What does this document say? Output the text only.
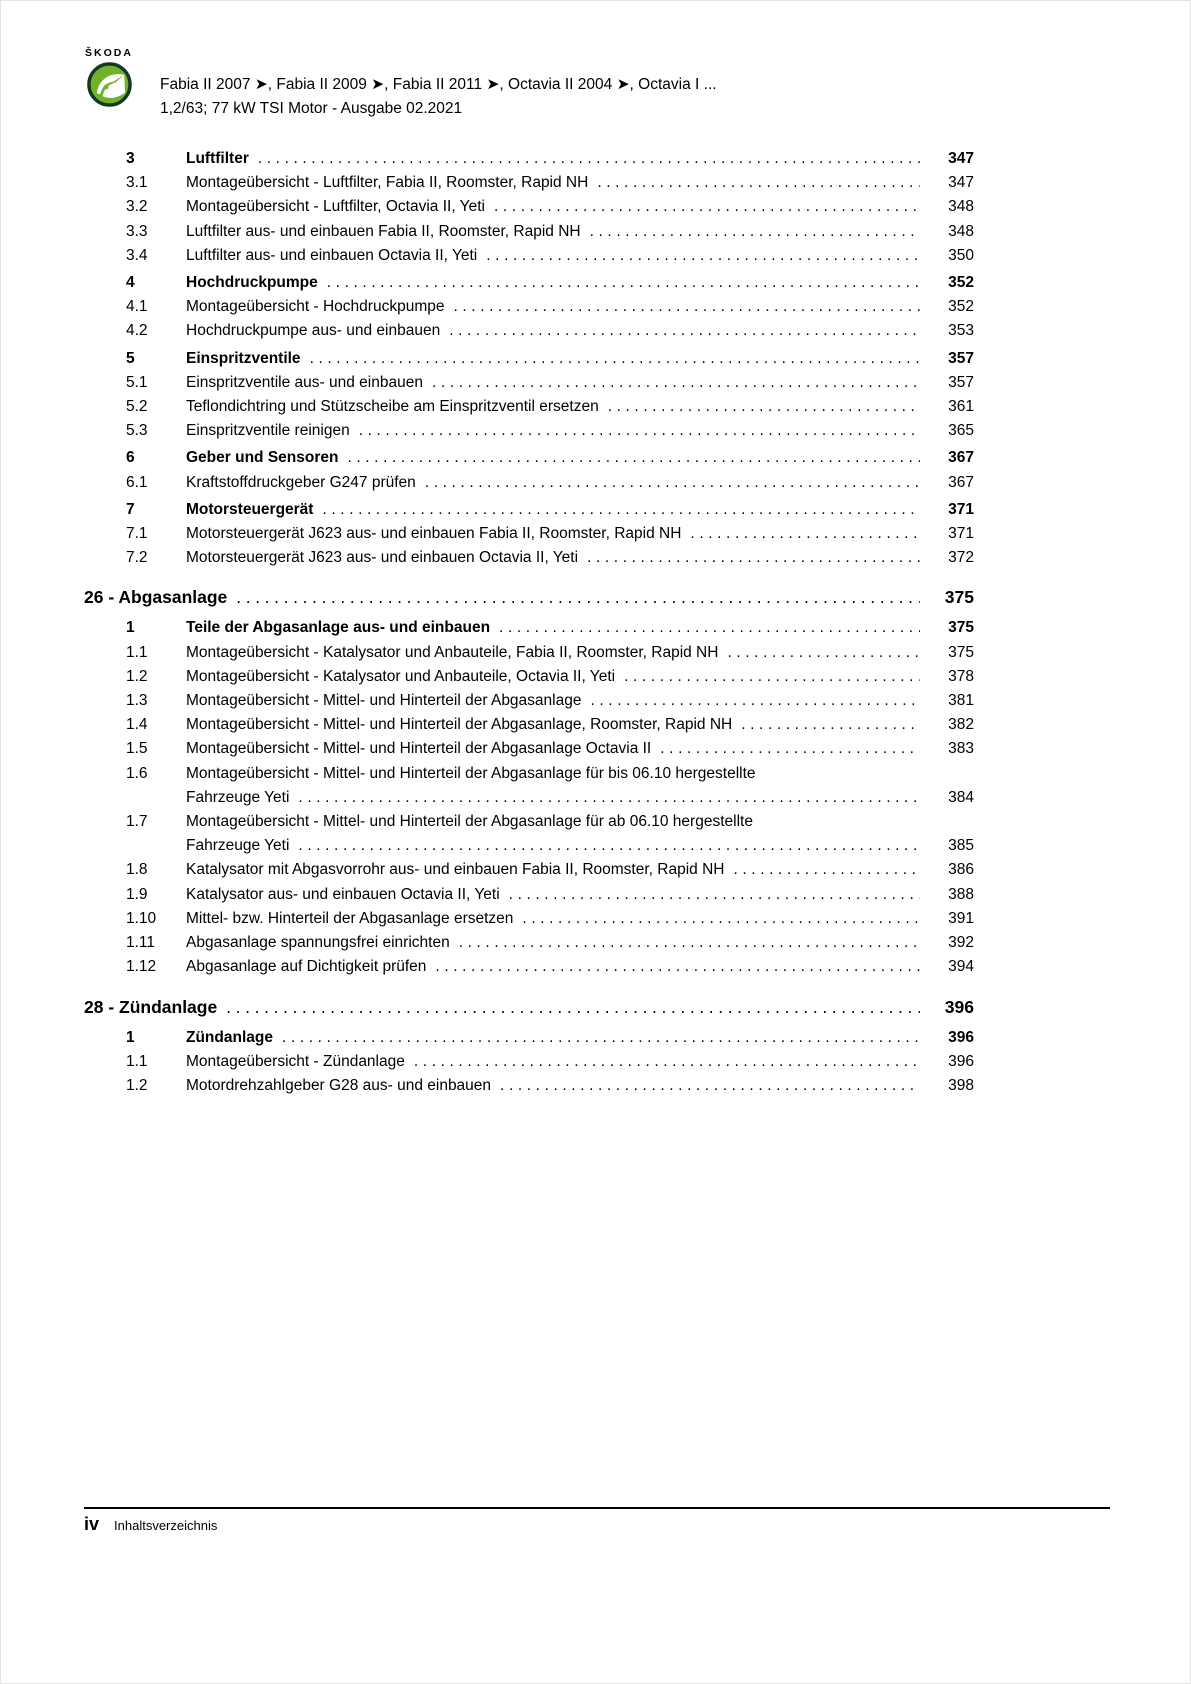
ŠKODA
Fabia II 2007 ➤, Fabia II 2009 ➤, Fabia II 2011 ➤, Octavia II 2004 ➤, Octavia I ...
1,2/63; 77 kW TSI Motor - Ausgabe 02.2021
3	Luftfilter .....	347
3.1	Montageübersicht - Luftfilter, Fabia II, Roomster, Rapid NH .....	347
3.2	Montageübersicht - Luftfilter, Octavia II, Yeti .....	348
3.3	Luftfilter aus- und einbauen Fabia II, Roomster, Rapid NH .....	348
3.4	Luftfilter aus- und einbauen Octavia II, Yeti .....	350
4	Hochdruckpumpe .....	352
4.1	Montageübersicht - Hochdruckpumpe .....	352
4.2	Hochdruckpumpe aus- und einbauen .....	353
5	Einspritzventile .....	357
5.1	Einspritzventile aus- und einbauen .....	357
5.2	Teflondichtring und Stützscheibe am Einspritzventil ersetzen .....	361
5.3	Einspritzventile reinigen .....	365
6	Geber und Sensoren .....	367
6.1	Kraftstoffdruckgeber G247 prüfen .....	367
7	Motorsteuergerät .....	371
7.1	Motorsteuergerät J623 aus- und einbauen Fabia II, Roomster, Rapid NH .....	371
7.2	Motorsteuergerät J623 aus- und einbauen Octavia II, Yeti .....	372
26 - Abgasanlage .....	375
1	Teile der Abgasanlage aus- und einbauen .....	375
1.1	Montageübersicht - Katalysator und Anbauteile, Fabia II, Roomster, Rapid NH .....	375
1.2	Montageübersicht - Katalysator und Anbauteile, Octavia II, Yeti .....	378
1.3	Montageübersicht - Mittel- und Hinterteil der Abgasanlage .....	381
1.4	Montageübersicht - Mittel- und Hinterteil der Abgasanlage, Roomster, Rapid NH .....	382
1.5	Montageübersicht - Mittel- und Hinterteil der Abgasanlage Octavia II .....	383
1.6	Montageübersicht - Mittel- und Hinterteil der Abgasanlage für bis 06.10 hergestellte
Fahrzeuge Yeti .....	384
1.7	Montageübersicht - Mittel- und Hinterteil der Abgasanlage für ab 06.10 hergestellte
Fahrzeuge Yeti .....	385
1.8	Katalysator mit Abgasvorrohr aus- und einbauen Fabia II, Roomster, Rapid NH .....	386
1.9	Katalysator aus- und einbauen Octavia II, Yeti .....	388
1.10	Mittel- bzw. Hinterteil der Abgasanlage ersetzen .....	391
1.11	Abgasanlage spannungsfrei einrichten .....	392
1.12	Abgasanlage auf Dichtigkeit prüfen .....	394
28 - Zündanlage .....	396
1	Zündanlage .....	396
1.1	Montageübersicht - Zündanlage .....	396
1.2	Motordrehzahlgeber G28 aus- und einbauen .....	398
iv Inhaltsverzeichnis
